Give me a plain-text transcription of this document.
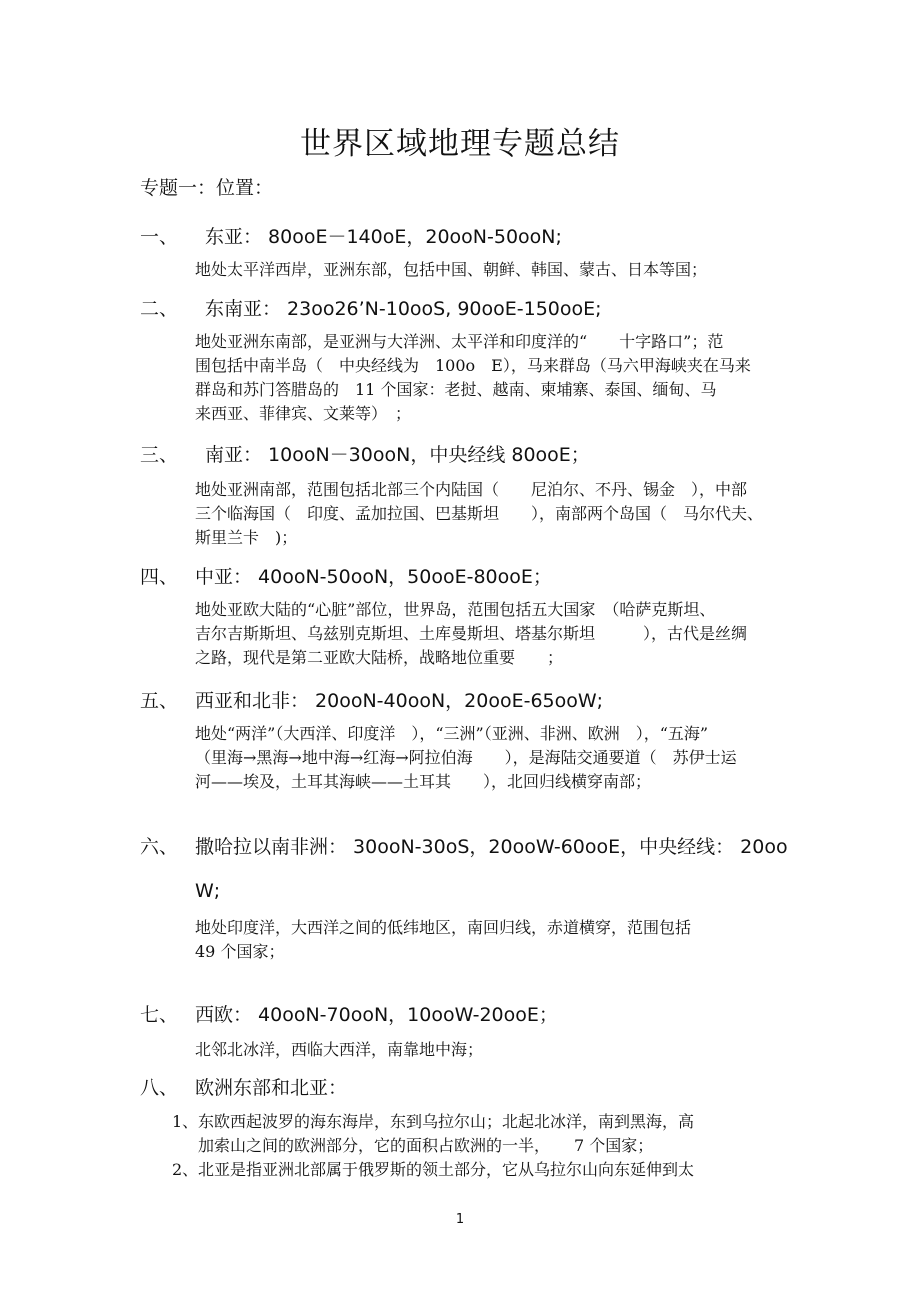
世界区域地理专题总结
专题一：位置：
一、 东亚： 80ooE－140oE，20ooN-50ooN;
地处太平洋西岸，亚洲东部，包括中国、朝鲜、韩国、蒙古、日本等国；
二、 东南亚： 23oo26’N-10ooS, 90ooE-150ooE;
地处亚洲东南部，是亚洲与大洋洲、太平洋和印度洋的“　　十字路口”；范
围包括中南半岛（　中央经线为　100o　E），马来群岛（马六甲海峡夹在马来
群岛和苏门答腊岛的　11 个国家：老挝、越南、柬埔寨、泰国、缅甸、马
来西亚、菲律宾、文莱等）　；
三、 南亚： 10ooN－30ooN，中央经线 80ooE；
地处亚洲南部，范围包括北部三个内陆国（　　尼泊尔、不丹、锡金　），中部
三个临海国（　印度、孟加拉国、巴基斯坦　　），南部两个岛国（　马尔代夫、
斯里兰卡　)；
四、 中亚： 40ooN-50ooN，50ooE-80ooE；
地处亚欧大陆的“心脏”部位，世界岛，范围包括五大国家　（哈萨克斯坦、
吉尔吉斯斯坦、乌兹别克斯坦、土库曼斯坦、塔基尔斯坦　　　），古代是丝绸
之路，现代是第二亚欧大陆桥，战略地位重要　　；
五、 西亚和北非： 20ooN-40ooN，20ooE-65ooW;
地处“两洋”（大西洋、印度洋　），“三洲”（亚洲、非洲、欧洲　），“五海”
（里海→黑海→地中海→红海→阿拉伯海　　），是海陆交通要道（　苏伊士运
河——埃及，土耳其海峡——土耳其　　），北回归线横穿南部；
六、 撒哈拉以南非洲： 30ooN-30oS，20ooW-60ooE，中央经线： 20oo
W;
地处印度洋，大西洋之间的低纬地区，南回归线，赤道横穿，范围包括
49 个国家；
七、 西欧： 40ooN-70ooN，10ooW-20ooE；
北邻北冰洋，西临大西洋，南靠地中海；
八、 欧洲东部和北亚：
1、 东欧西起波罗的海东海岸，东到乌拉尔山；北起北冰洋，南到黑海，高
加索山之间的欧洲部分，它的面积占欧洲的一半，　　7 个国家；
2、 北亚是指亚洲北部属于俄罗斯的领土部分，它从乌拉尔山向东延伸到太
1
